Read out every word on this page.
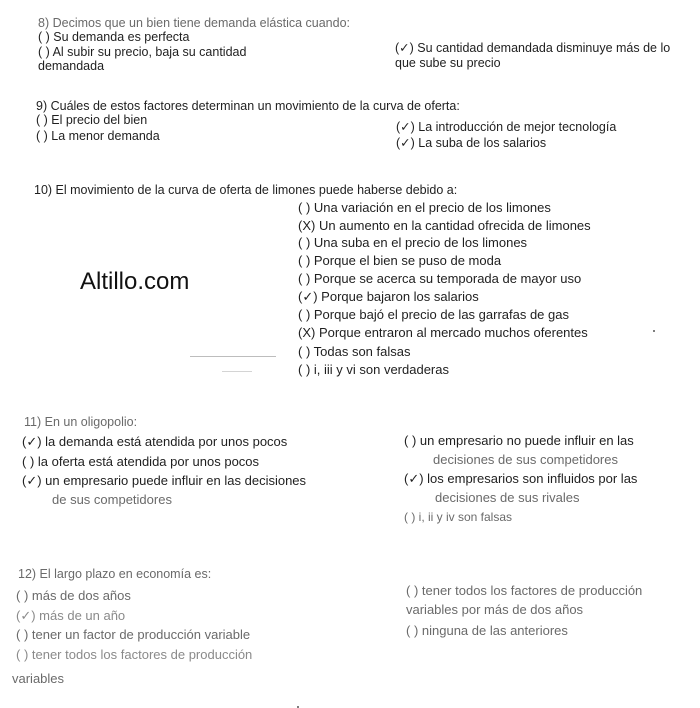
8) Decimos que un bien tiene demanda elástica cuando:
( ) Su demanda es perfecta
( ) Al subir su precio, baja su cantidad
demandada
(✓) Su cantidad demandada disminuye más de lo
que sube su precio
9) Cuáles de estos factores determinan un movimiento de la curva de oferta:
( ) El precio del bien
( ) La menor demanda
(✓) La introducción de mejor tecnología
(✓) La suba de los salarios
10) El movimiento de la curva de oferta de limones puede haberse debido a:
( ) Una variación en el precio de los limones
(X) Un aumento en la cantidad ofrecida de limones
( ) Una suba en el precio de los limones
( ) Porque el bien se puso de moda
( ) Porque se acerca su temporada de mayor uso
(✓) Porque bajaron los salarios
( ) Porque bajó el precio de las garrafas de gas
(X) Porque entraron al mercado muchos oferentes
( ) Todas son falsas
( ) i, iii y vi son verdaderas
Altillo.com
11) En un oligopolio:
(✓) la demanda está atendida por unos pocos
( ) la oferta está atendida por unos pocos
(✓) un empresario puede influir en las decisiones
de sus competidores
( ) un empresario no puede influir en las
decisiones de sus competidores
(✓) los empresarios son influidos por las
decisiones de sus rivales
( ) i, ii y iv son falsas
12) El largo plazo en economía es:
( ) más de dos años
(✓) más de un año
( ) tener un factor de producción variable
( ) tener todos los factores de producción
variables
( ) tener todos los factores de producción
variables por más de dos años
( ) ninguna de las anteriores
